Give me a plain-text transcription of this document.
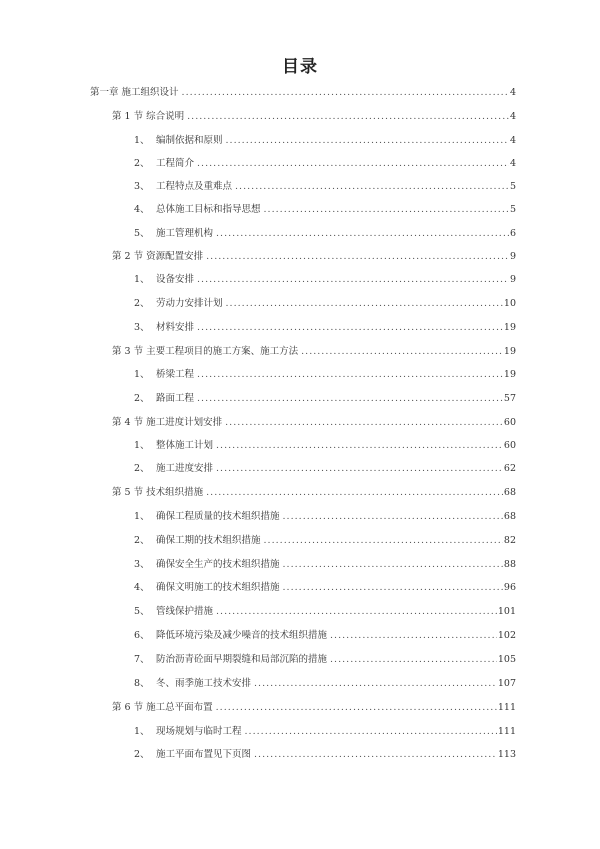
目录
第一章 施工组织设计 . . .	4
第 1 节 综合说明 . . .	4
1、 编制依据和原则 . . .	4
2、 工程简介 . . .	4
3、 工程特点及重难点 . . .	5
4、 总体施工目标和指导思想 . . .	5
5、 施工管理机构 . . .	6
第 2 节 资源配置安排 . . .	9
1、 设备安排 . . .	9
2、 劳动力安排计划 . . .	10
3、 材料安排 . . .	19
第 3 节 主要工程项目的施工方案、施工方法 . . .	19
1、 桥梁工程 . . .	19
2、 路面工程 . . .	57
第 4 节 施工进度计划安排 . . .	60
1、 整体施工计划 . . .	60
2、 施工进度安排 . . .	62
第 5 节 技术组织措施 . . .	68
1、 确保工程质量的技术组织措施 . . .	68
2、 确保工期的技术组织措施 . . .	82
3、 确保安全生产的技术组织措施 . . .	88
4、 确保文明施工的技术组织措施 . . .	96
5、 管线保护措施 . . .	101
6、 降低环境污染及减少噪音的技术组织措施 . . .	102
7、 防治沥青砼面早期裂缝和局部沉陷的措施 . . .	105
8、 冬、雨季施工技术安排 . . .	107
第 6 节 施工总平面布置 . . .	111
1、 现场规划与临时工程 . . .	111
2、 施工平面布置见下页图 . . .	113
